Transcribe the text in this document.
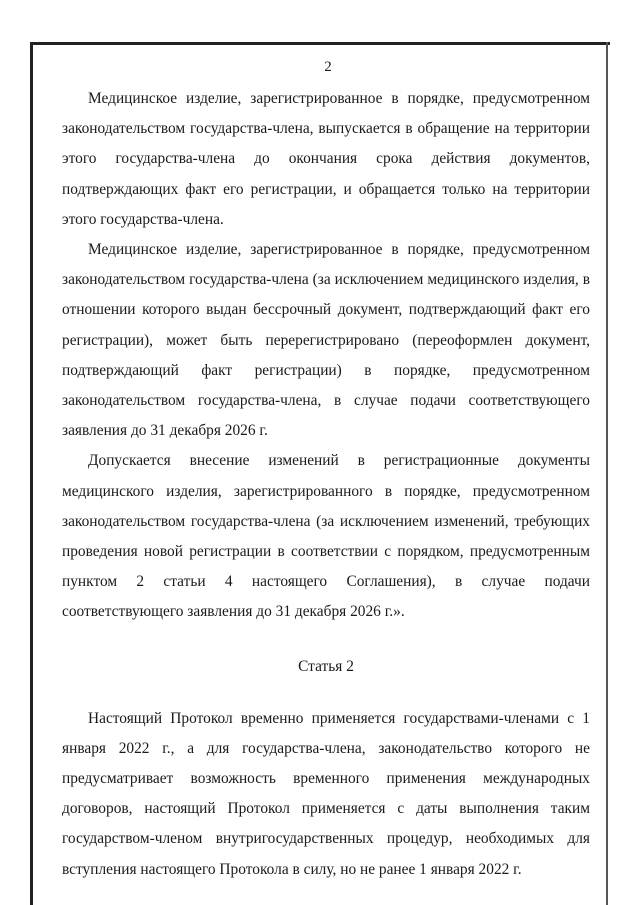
2

Медицинское изделие, зарегистрированное в порядке, предусмотренном законодательством государства-члена, выпускается в обращение на территории этого государства-члена до окончания срока действия документов, подтверждающих факт его регистрации, и обращается только на территории этого государства-члена.

Медицинское изделие, зарегистрированное в порядке, предусмотренном законодательством государства-члена (за исключением медицинского изделия, в отношении которого выдан бессрочный документ, подтверждающий факт его регистрации), может быть перерегистрировано (переоформлен документ, подтверждающий факт регистрации) в порядке, предусмотренном законодательством государства-члена, в случае подачи соответствующего заявления до 31 декабря 2026 г.

Допускается внесение изменений в регистрационные документы медицинского изделия, зарегистрированного в порядке, предусмотренном законодательством государства-члена (за исключением изменений, требующих проведения новой регистрации в соответствии с порядком, предусмотренным пунктом 2 статьи 4 настоящего Соглашения), в случае подачи соответствующего заявления до 31 декабря 2026 г.».

Статья 2

Настоящий Протокол временно применяется государствами-членами с 1 января 2022 г., а для государства-члена, законодательство которого не предусматривает возможность временного применения международных договоров, настоящий Протокол применяется с даты выполнения таким государством-членом внутригосударственных процедур, необходимых для вступления настоящего Протокола в силу, но не ранее 1 января 2022 г.
